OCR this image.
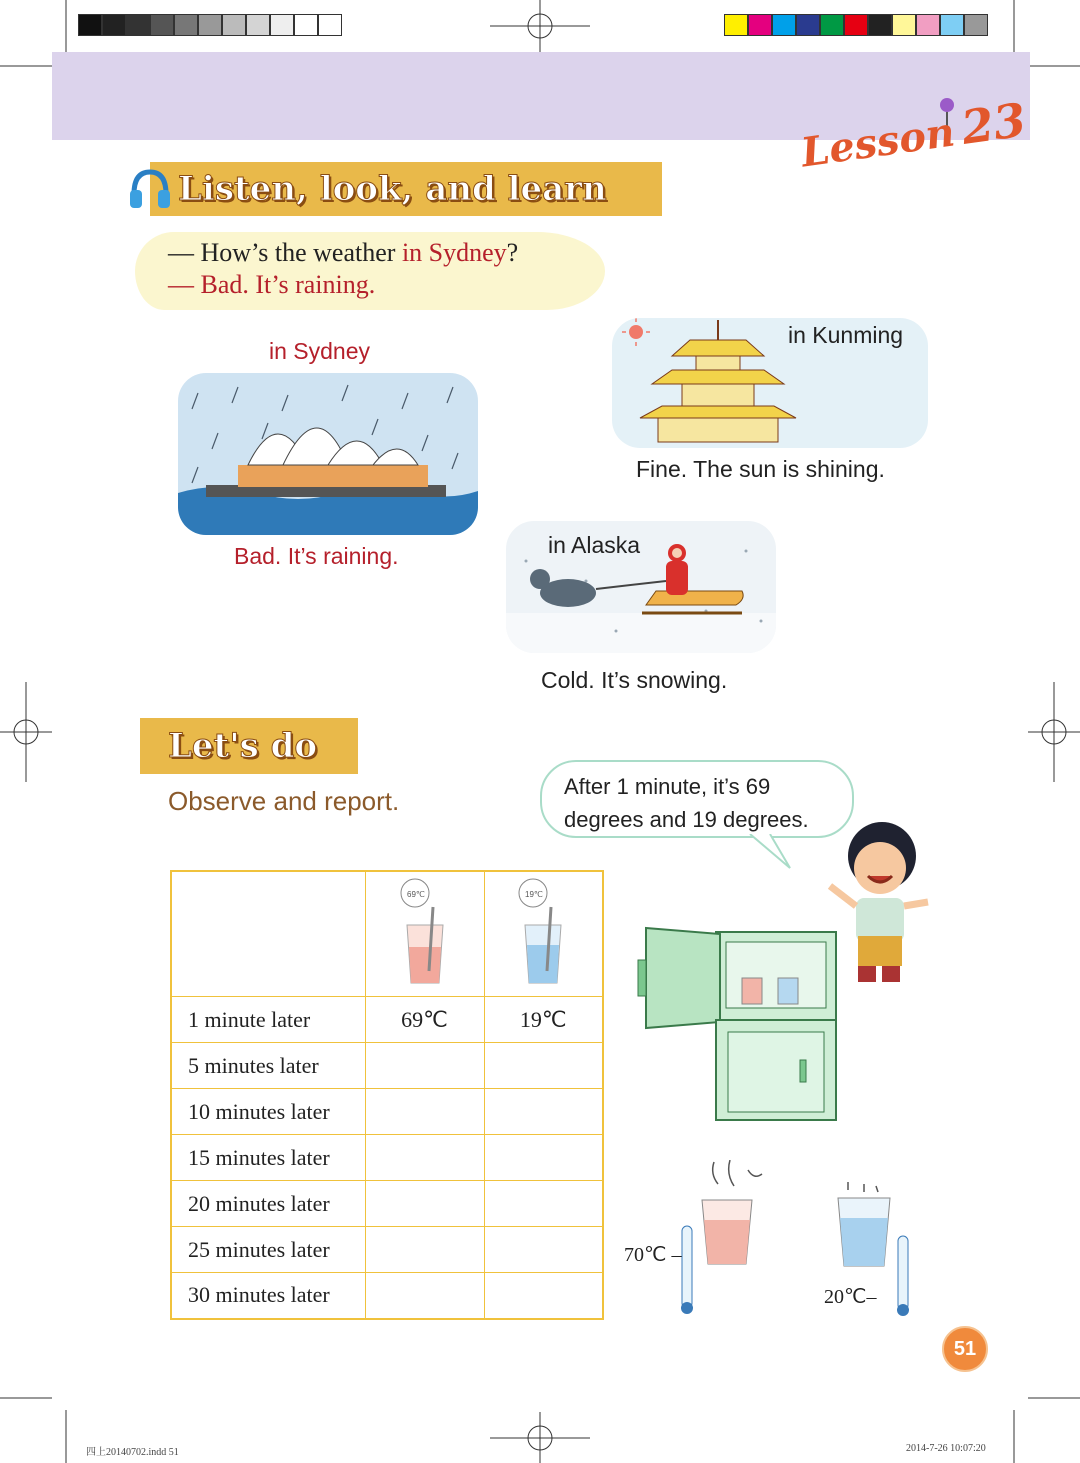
Lesson23
Listen, look, and learn
— How’s the weather in Sydney?
— Bad. It’s raining.
in Sydney
Bad. It’s raining.
in Kunming
Fine. The sun is shining.
in Alaska
Cold. It’s snowing.
Let's do
Observe and report.	After 1 minute, it’s 69
degrees and 19 degrees.

69℃	19℃

1 minute later	69℃	19℃
5 minutes later		
10 minutes later		
15 minutes later		
20 minutes later		
25 minutes later		
30 minutes later		
70℃ –
20℃–
51
四上20140702.indd 51	2014-7-26 10:07:20
